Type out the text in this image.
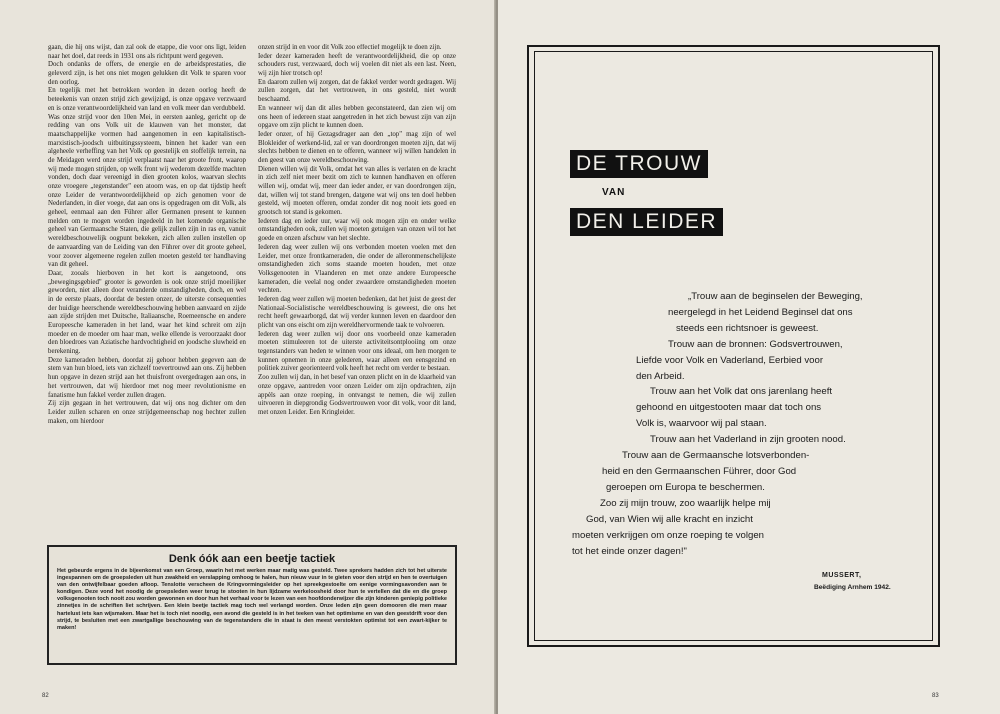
gaan, die hij ons wijst, dan zal ook de etappe, die voor ons ligt, leiden naar het doel, dat reeds in 1931 ons als richtpunt werd gegeven.

Doch ondanks de offers, de energie en de arbeidsprestaties, die geleverd zijn, is het ons niet mogen gelukken dit Volk te sparen voor den oorlog.

En tegelijk met het betrokken worden in dezen oorlog heeft de beteekenis van onzen strijd zich gewijzigd, is onze opgave verzwaard en is onze verantwoordelijkheid van land en volk meer dan verdubbeld.

Was onze strijd voor den 10en Mei, in eersten aanleg, gericht op de redding van ons Volk uit de klauwen van het monster, dat maatschappelijke vormen had aangenomen in een kapitalistisch-marxistisch-joodsch uitbuitingssysteem, binnen het kader van een algeheele verheffing van het Volk op geestelijk en stoffelijk terrein, na de Meidagen werd onze strijd verplaatst naar het groote front, waarop wij mede mogen strijden, op welk front wij wederom dezelfde machten vonden, doch daar vereenigd in dien grooten kolos, waarvan slechts onze vroegere „tegenstander" een atoom was, en op dat tijdstip heeft onze Leider de verantwoordelijkheid op zich genomen voor de Nederlanden, in dier voege, dat aan ons is opgedragen om dit Volk, als geheel, eenmaal aan den Führer aller Germanen present te kunnen melden om te mogen worden ingedeeld in het komende organische geheel van Germaansche Staten, die gelijk zullen zijn in ras en, vanuit wereldbeschouwelijk oogpunt bekeken, zich allen zullen instellen op de aanvaarding van de Leiding van den Führer over dit groote geheel, voor zoover algemeene regelen zullen moeten gesteld ter handhaving van dit geheel.

Daar, zooals hierboven in het kort is aangetoond, ons „bewegingsgebied" grooter is geworden is ook onze strijd moeilijker geworden, niet alleen door veranderde omstandigheden, doch, en wel in de eerste plaats, doordat de besten onzer, de uiterste consequenties der huidige heerschende wereldbeschouwing hebben aanvaard en zijde aan zijde strijden met Duitsche, Italiaansche, Roemeensche en andere Europeesche kameraden in het land, waar het kind schreit om zijn moeder en de moeder om haar man, welke ellende is veroorzaakt door den bloedroes van Aziatische hardvochtigheid en joodsche sluwheid en berekening.

Deze kameraden hebben, doordat zij gehoor hebben gegeven aan de stem van hun bloed, iets van zichzelf toevertrouwd aan ons. Zij hebben hun opgave in dezen strijd aan het thuisfront overgedragen aan ons, in het vertrouwen, dat wij hierdoor met nog meer revolutionisme en fanatisme hun fakkel verder zullen dragen.

Zij zijn gegaan in het vertrouwen, dat wij ons nog dichter om den Leider zullen scharen en onze strijdgemeenschap nog hechter zullen maken, om hierdoor

onzen strijd in en voor dit Volk zoo effectief mogelijk te doen zijn.

Ieder dezer kameraden heeft de verantwoordelijkheid, die op onze schouders rust, verzwaard, doch wij voelen dit niet als een last. Neen, wij zijn hier trotsch op!

En daarom zullen wij zorgen, dat de fakkel verder wordt gedragen. Wij zullen zorgen, dat het vertrouwen, in ons gesteld, niet wordt beschaamd.

En wanneer wij dan dit alles hebben geconstateerd, dan zien wij om ons heen of iedereen staat aangetreden in het zich bewust zijn van zijn opgave om zijn plicht te kunnen doen.

Ieder onzer, of hij Gezagsdrager aan den „top" mag zijn of wel Blokleider of werkend-lid, zal er van doordrongen moeten zijn, dat wij slechts hebben te dienen en te offeren, wanneer wij willen handelen in den geest van onze wereldbeschouwing.

Dienen willen wij dit Volk, omdat het van alles is verlaten en de kracht in zich zelf niet meer bezit om zich te kunnen handhaven en offeren willen wij, omdat wij, meer dan ieder ander, er van doordrongen zijn, dat, willen wij tot stand brengen, datgene wat wij ons ten doel hebben gesteld, wij moeten offeren, omdat zonder dit nog nooit iets goed en grootsch tot stand is gekomen.

Iederen dag en ieder uur, waar wij ook mogen zijn en onder welke omstandigheden ook, zullen wij moeten getuigen van onzen wil tot het goede en onzen afschuw van het slechte.

Iederen dag weer zullen wij ons verbonden moeten voelen met den Leider, met onze frontkameraden, die onder de alleronmenschelijkste omstandigheden zich soms staande moeten houden, met onze Volksgenooten in Vlaanderen en met onze andere Europeesche kameraden, die veelal nog onder zwaardere omstandigheden moeten vechten.

Iederen dag weer zullen wij moeten bedenken, dat het juist de geest der Nationaal-Socialistische wereldbeschouwing is geweest, die ons het recht heeft gewaarborgd, dat wij verder kunnen leven en daardoor den plicht van ons eischt om zijn wereldhervormende taak te volvoeren.

Iederen dag weer zullen wij door ons voorbeeld onze kameraden moeten stimuleeren tot de uiterste activiteitsontplooiing om onze tegenstanders van heden te winnen voor ons ideaal, om hen morgen te kunnen opnemen in onze gelederen, waar alleen een eensgezind en politiek zuiver georienteerd volk heeft het recht om verder te bestaan.

Zoo zullen wij dan, in het besef van onzen plicht en in de klaarheid van onze opgave, aantreden voor onzen Leider om zijn opdrachten, zijn appèls aan onze roeping, in ontvangst te nemen, die wij zullen uitvoeren in diepgrondig Godsvertrouwen voor dit volk, voor dit land, met onzen Leider. Een Kringleider.

Denk óók aan een beetje tactiek

Het gebeurde ergens in de bijeenkomst van een Groep, waarin het met werken maar matig was gesteld. Twee sprekers hadden zich tot het uiterste ingespannen om de groepsleden uit hun zwakheid en verslapping omhoog te halen, hun nieuw vuur in te gieten voor den strijd en hen te overtuigen van den ontwijfelbaar goeden afloop. Tenslotte verscheen de Kringvormingsleider op het spreekgestoelte om eenige vormingsavonden aan te kondigen. Deze vond het noodig de groepsleden weer terug te stooten in hun lijdzame werkeloosheid door hun te vertellen dat die en die groep volksgenooten toch nooit zou worden gewonnen en door hun het verhaal voor te lezen van een hoofdonderwijzer die zijn kinderen geniepig politieke zinnetjes in de schriften liet schrijven. Een klein beetje tactiek mag toch wel verlangd worden. Onze leden zijn geen domooren die men maar hartelust iets kan wijsmaken. Maar het is toch niet noodig, een avond die gesteld is in het teeken van het optimisme en van den geestdrift voor den strijd, te besluiten met een zwartgallige beschouwing van de tegenstanders die in staat is den meest verstokten optimist tot een zwart-kijker te maken!

82
DE TROUW
VAN
DEN LEIDER
„Trouw aan de beginselen der Beweging,
neergelegd in het Leidend Beginsel dat ons
steeds een richtsnoer is geweest.
Trouw aan de bronnen: Godsvertrouwen,
Liefde voor Volk en Vaderland, Eerbied voor
den Arbeid.
Trouw aan het Volk dat ons jarenlang heeft
gehoond en uitgestooten maar dat toch ons
Volk is, waarvoor wij pal staan.
Trouw aan het Vaderland in zijn grooten nood.
Trouw aan de Germaansche lotsverbonden-
heid en den Germaanschen Führer, door God
geroepen om Europa te beschermen.
Zoo zij mijn trouw, zoo waarlijk helpe mij
God, van Wien wij alle kracht en inzicht
moeten verkrijgen om onze roeping te volgen
tot het einde onzer dagen!"
MUSSERT,
Beëdiging Arnhem 1942.
83
